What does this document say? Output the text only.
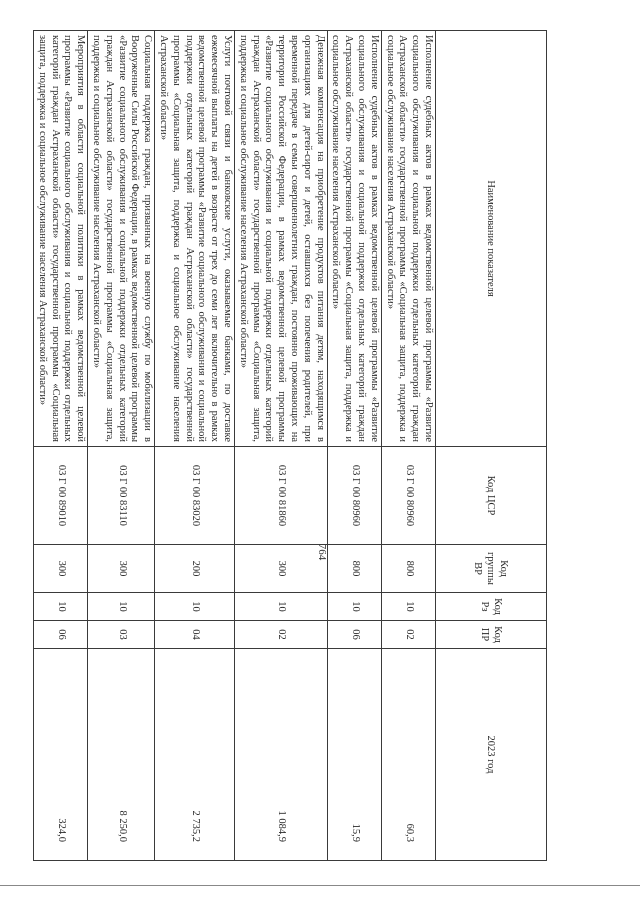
764
Наименование показателя	Код ЦСР	Код группы ВР	Код Рз	Код ПР	2023 год
Исполнение судебных актов в рамках ведомственной целевой программы «Развитие социального обслуживания и социальной поддержки отдельных категорий граждан Астраханской области» государственной программы «Социальная защита, поддержка и социальное обслуживание населения Астраханской области»	03 Г 00 80960	800	10	02	60,3
Исполнение судебных актов в рамках ведомственной целевой программы «Развитие социального обслуживания и социальной поддержки отдельных категорий граждан Астраханской области» государственной программы «Социальная защита, поддержка и социальное обслуживание населения Астраханской области»	03 Г 00 80960	800	10	06	15,9
Денежная компенсация на приобретение продуктов питания детям, находящимся в организациях для детей-сирот и детей, оставшихся без попечения родителей, при временной передаче в семьи совершеннолетних граждан, постоянно проживающих на территории Российской Федерации, в рамках ведомственной целевой программы «Развитие социального обслуживания и социальной поддержки отдельных категорий граждан Астраханской области» государственной программы «Социальная защита, поддержка и социальное обслуживание населения Астраханской области»	03 Г 00 81860	300	10	02	1 084,9
Услуги почтовой связи и банковские услуги, оказываемые банками, по доставке ежемесячной выплаты на детей в возрасте от трех до семи лет включительно в рамках ведомственной целевой программы «Развитие социального обслуживания и социальной поддержки отдельных категорий граждан Астраханской области» государственной программы «Социальная защита, поддержка и социальное обслуживание населения Астраханской области»	03 Г 00 83020	200	10	04	2 735,2
Социальная поддержка граждан, призванных на военную службу по мобилизации в Вооруженные Силы Российской Федерации, в рамках ведомственной целевой программы «Развитие социального обслуживания и социальной поддержки отдельных категорий граждан Астраханской области» государственной программы «Социальная защита, поддержка и социальное обслуживание населения Астраханской области»	03 Г 00 83110	300	10	03	8 250,0
Мероприятия в области социальной политики в рамках ведомственной целевой программы «Развитие социального обслуживания и социальной поддержки отдельных категорий граждан Астраханской области» государственной программы «Социальная защита, поддержка и социальное обслуживание населения Астраханской области»	03 Г 00 89010	300	10	06	324,0
